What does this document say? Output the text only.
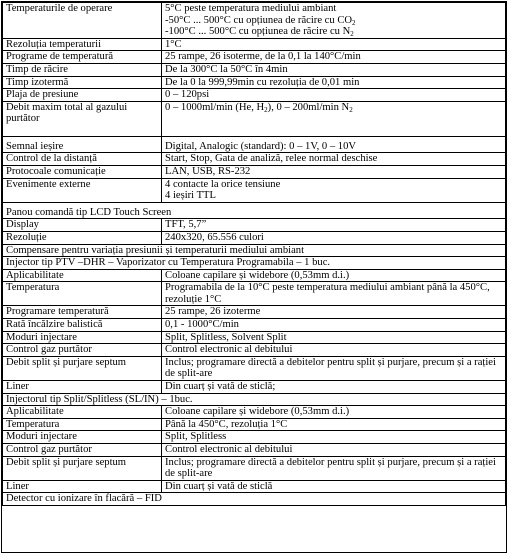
Temperaturile de operare	5°C peste temperatura mediului ambiant
-50°C ... 500°C cu opțiunea de răcire cu $CO_2$
-100°C ... 500°C cu opțiunea de răcire cu $N_2$

Rezoluția temperaturii	1°C
Programe de temperatură	25 rampe, 26 isoterme, de la 0,1 la 140°C/min
Timp de răcire	De la 300°C la 50°C în 4min
Timp izotermă	De la 0 la 999,99min cu rezoluția de 0,01 min
Plaja de presiune	0 – 120psi
Debit maxim total al gazului purtător	0 – 1000ml/min (He, $H_2$), 0 – 200ml/min $N_2$
Semnal ieșire	Digital, Analogic (standard): 0 – 1V, 0 – 10V
Control de la distanță	Start, Stop, Gata de analiză, relee normal deschise
Protocoale comunicație	LAN, USB, RS-232
Evenimente externe	4 contacte la orice tensiune
4 ieșiri TTL

Panou comandă tip LCD Touch Screen	
Display	TFT, 5,7”
Rezoluție	240x320, 65.556 culori
Compensare pentru variația presiunii și temperaturii mediului ambiant	
Injector tip PTV –DHR – Vaporizator cu Temperatura Programabila – 1 buc.	
Aplicabilitate	Coloane capilare și widebore (0,53mm d.i.)
Temperatura	Programabila de la 10°C peste temperatura mediului ambiant până la 450°C, rezoluție 1°C
Programare temperatură	25 rampe, 26 izoterme
Rată încălzire balistică	0,1 - 1000°C/min
Moduri injectare	Split, Splitless, Solvent Split
Control gaz purtător	Control electronic al debitului
Debit split și purjare septum	Inclus; programare directă a debitelor pentru split și purjare, precum și a rației de split-are
Liner	Din cuarț și vată de sticlă;
Injectorul tip Split/Splitless (SL/IN) – 1buc.	
Aplicabilitate	Coloane capilare și widebore (0,53mm d.i.)
Temperatura	Până la 450°C, rezoluția 1°C
Moduri injectare	Split, Splitless
Control gaz purtător	Control electronic al debitului
Debit split și purjare septum	Inclus; programare directă a debitelor pentru split și purjare, precum și a rației de split-are
Liner	Din cuarț și vată de sticlă
Detector cu ionizare în flacără – FID	
